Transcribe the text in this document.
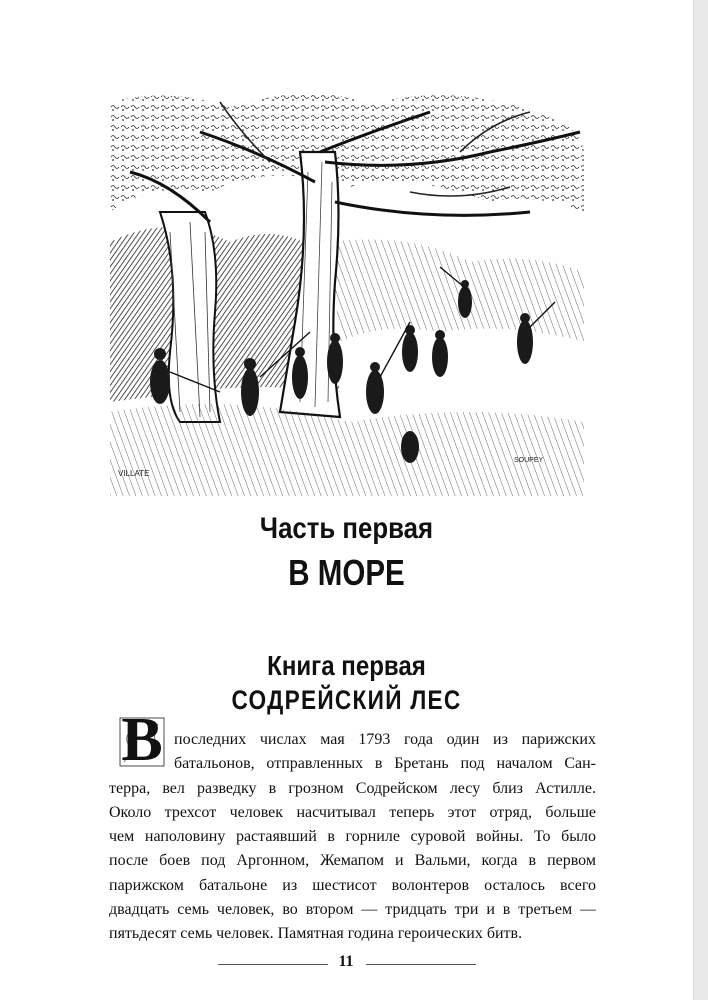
VILLATE
SOUPEY
Часть первая
В МОРЕ
Книга первая
СОДРЕЙСКИЙ ЛЕС
В последних числах мая 1793 года один из парижских
батальонов, отправленных в Бретань под началом Сан-
терра, вел разведку в грозном Содрейском лесу близ Астилле.
Около трехсот человек насчитывал теперь этот отряд, больше
чем наполовину растаявший в горниле суровой войны. То было
после боев под Аргонном, Жемапом и Вальми, когда в первом
парижском батальоне из шестисот волонтеров осталось всего
двадцать семь человек, во втором — тридцать три и в третьем —
пятьдесят семь человек. Памятная година героических битв.
11
